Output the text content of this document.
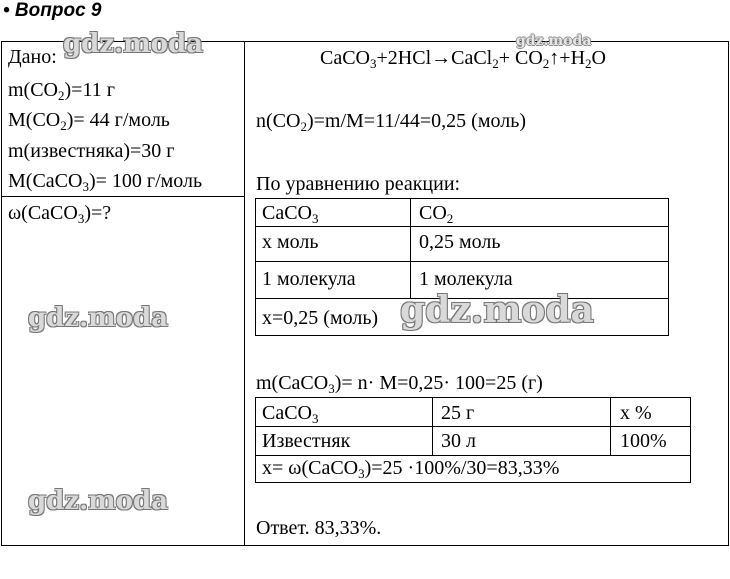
• Вопрос 9
Дано:
$m(CO_2)=11$ г
$M(CO_2)= 44$ г/моль
m(известняка)=30 г
M(CaCO$_3$)= 100 г/моль
ω(CaCO$_3$)=?
CaCO$_3$+2HCl→CaCl$_2$+ $CO_2↑+H_2O$
$n(CO_2)=m/M=11/44=0,25$ (моль)
По уравнению реакции:
CaCO$_3$	$CO_2$
x моль	0,25 моль
1 молекула	1 молекула
x=0,25 (моль)
m(CaCO$_3$)= n· M=0,25· 100=25 (г)
CaCO$_3$	25 г	x %
Известняк	30 л	100%
x= ω(CaCO$_3$)=25 ·100%/30=83,33%
Ответ. 83,33%.
gdz.moda	gdz.moda
gdz.moda	gdz.moda
gdz.moda
